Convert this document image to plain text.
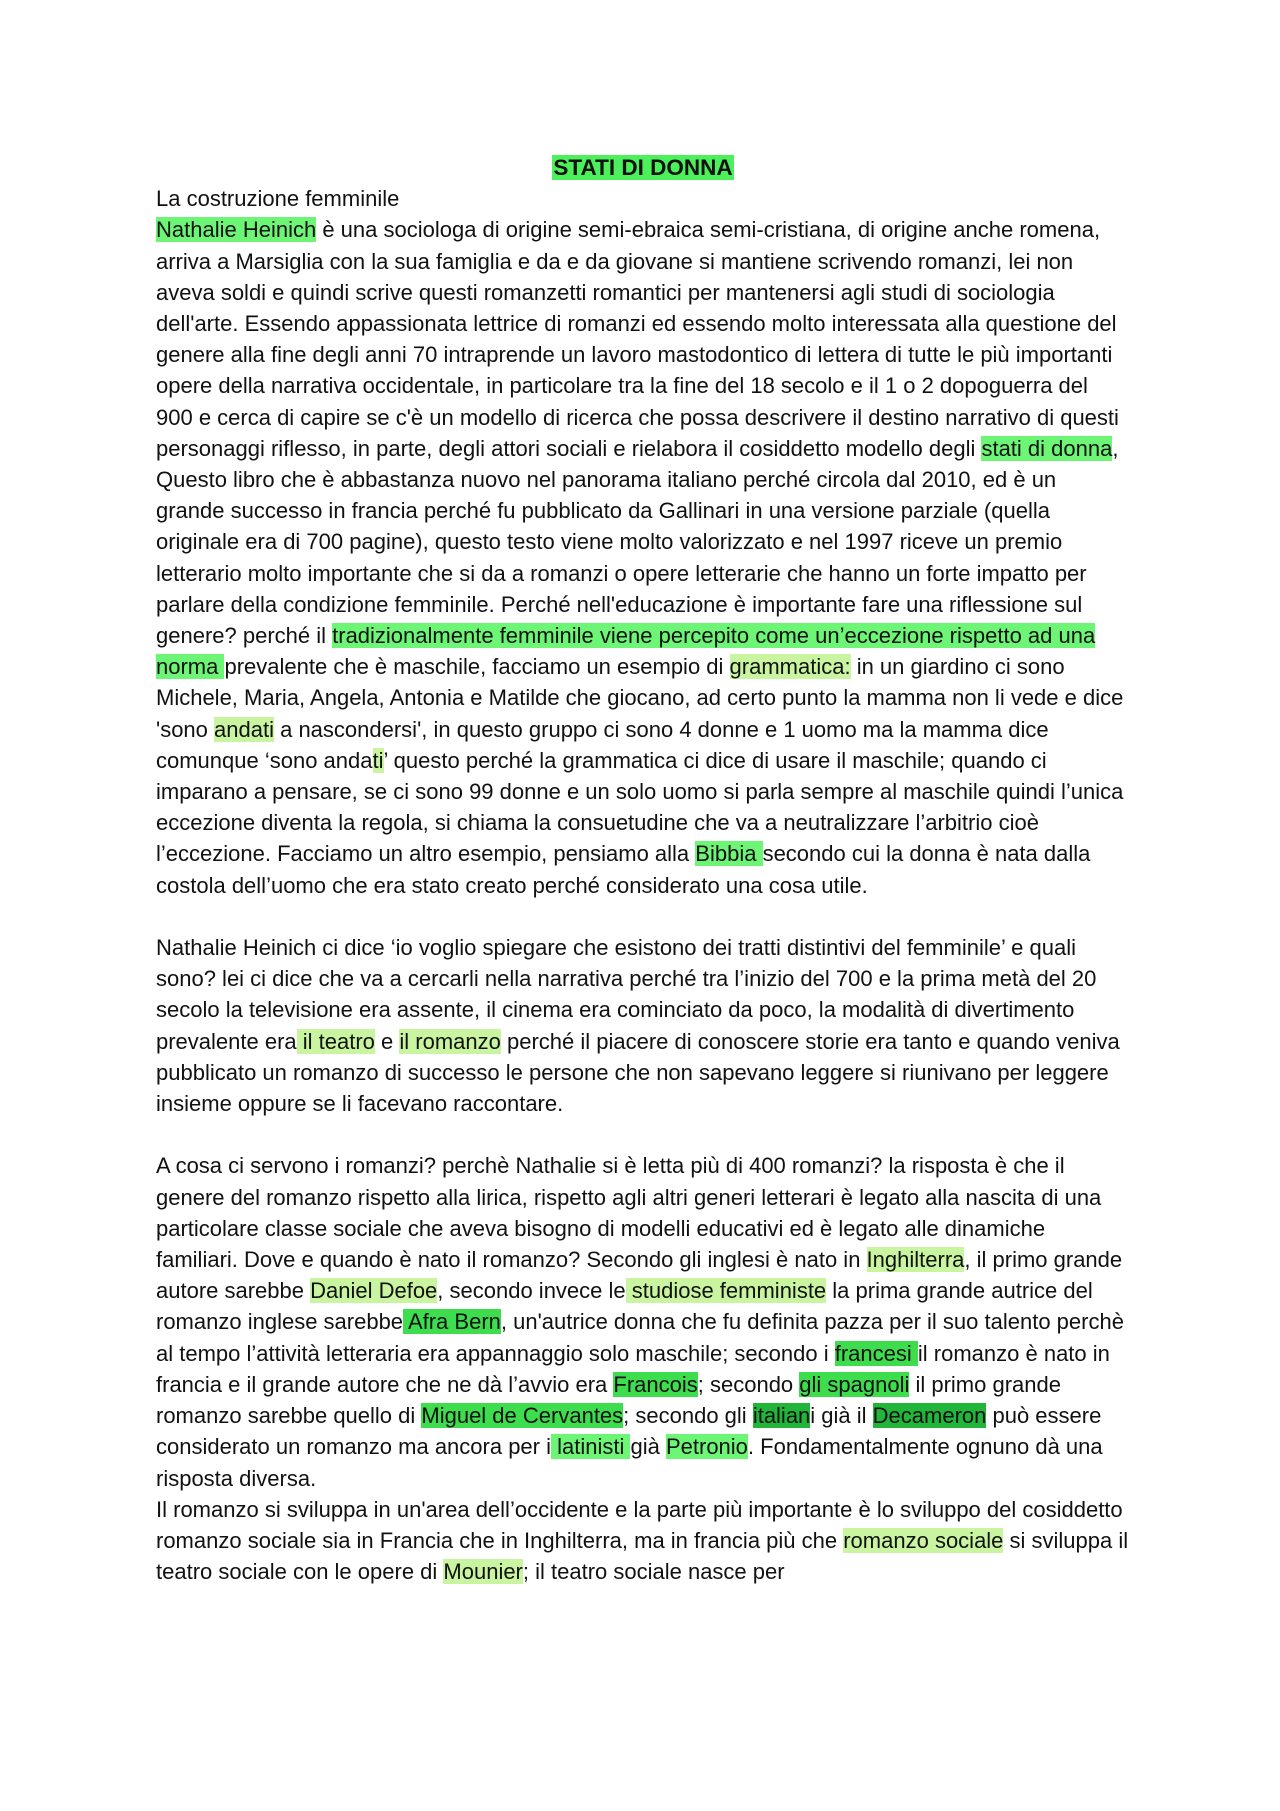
STATI DI DONNA

La costruzione femminile

Nathalie Heinich è una sociologa di origine semi-ebraica semi-cristiana, di origine anche romena, arriva a Marsiglia con la sua famiglia e da e da giovane si mantiene scrivendo romanzi, lei non aveva soldi e quindi scrive questi romanzetti romantici per mantenersi agli studi di sociologia dell'arte. Essendo appassionata lettrice di romanzi ed essendo molto interessata alla questione del genere alla fine degli anni 70 intraprende un lavoro mastodontico di lettera di tutte le più importanti opere della narrativa occidentale, in particolare tra la fine del 18 secolo e il 1 o 2 dopoguerra del 900 e cerca di capire se c'è un modello di ricerca che possa descrivere il destino narrativo di questi personaggi riflesso, in parte, degli attori sociali e rielabora il cosiddetto modello degli stati di donna, Questo libro che è abbastanza nuovo nel panorama italiano perché circola dal 2010, ed è un grande successo in francia perché fu pubblicato da Gallinari in una versione parziale (quella originale era di 700 pagine), questo testo viene molto valorizzato e nel 1997 riceve un premio letterario molto importante che si da a romanzi o opere letterarie che hanno un forte impatto per parlare della condizione femminile. Perché nell'educazione è importante fare una riflessione sul genere? perché il tradizionalmente femminile viene percepito come un’eccezione rispetto ad una norma prevalente che è maschile, facciamo un esempio di grammatica: in un giardino ci sono Michele, Maria, Angela, Antonia e Matilde che giocano, ad certo punto la mamma non li vede e dice 'sono andati a nascondersi', in questo gruppo ci sono 4 donne e 1 uomo ma la mamma dice comunque ‘sono andati’ questo perché la grammatica ci dice di usare il maschile; quando ci imparano a pensare, se ci sono 99 donne e un solo uomo si parla sempre al maschile quindi l’unica eccezione diventa la regola, si chiama la consuetudine che va a neutralizzare l’arbitrio cioè l’eccezione. Facciamo un altro esempio, pensiamo alla Bibbia secondo cui la donna è nata dalla costola dell’uomo che era stato creato perché considerato una cosa utile.

Nathalie Heinich ci dice ‘io voglio spiegare che esistono dei tratti distintivi del femminile’ e quali sono? lei ci dice che va a cercarli nella narrativa perché tra l’inizio del 700 e la prima metà del 20 secolo la televisione era assente, il cinema era cominciato da poco, la modalità di divertimento prevalente era il teatro e il romanzo perché il piacere di conoscere storie era tanto e quando veniva pubblicato un romanzo di successo le persone che non sapevano leggere si riunivano per leggere insieme oppure se li facevano raccontare.

A cosa ci servono i romanzi? perchè Nathalie si è letta più di 400 romanzi? la risposta è che il genere del romanzo rispetto alla lirica, rispetto agli altri generi letterari è legato alla nascita di una particolare classe sociale che aveva bisogno di modelli educativi ed è legato alle dinamiche familiari. Dove e quando è nato il romanzo? Secondo gli inglesi è nato in Inghilterra, il primo grande autore sarebbe Daniel Defoe, secondo invece le studiose femministe la prima grande autrice del romanzo inglese sarebbe Afra Bern, un'autrice donna che fu definita pazza per il suo talento perchè al tempo l’attività letteraria era appannaggio solo maschile; secondo i francesi il romanzo è nato in francia e il grande autore che ne dà l’avvio era Francois; secondo gli spagnoli il primo grande romanzo sarebbe quello di Miguel de Cervantes; secondo gli italiani già il Decameron può essere considerato un romanzo ma ancora per i latinisti già Petronio. Fondamentalmente ognuno dà una risposta diversa.

Il romanzo si sviluppa in un'area dell’occidente e la parte più importante è lo sviluppo del cosiddetto romanzo sociale sia in Francia che in Inghilterra, ma in francia più che romanzo sociale si sviluppa il teatro sociale con le opere di Mounier; il teatro sociale nasce per
